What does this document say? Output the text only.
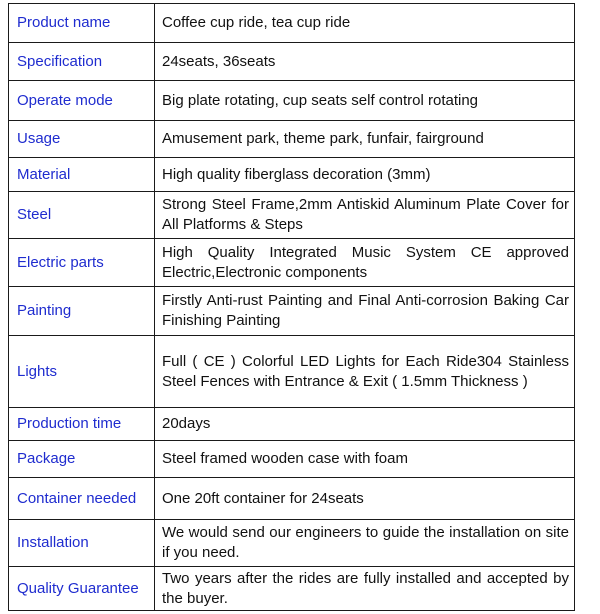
Product name	Coffee cup ride, tea cup ride
Specification	24seats, 36seats
Operate mode	Big plate rotating, cup seats self control rotating
Usage	Amusement park, theme park, funfair, fairground
Material	High quality fiberglass decoration (3mm)
Steel	Strong Steel Frame,2mm Antiskid Aluminum Plate Cover for All Platforms & Steps
Electric parts	High Quality Integrated Music System CE approved Electric,Electronic components
Painting	Firstly Anti-rust Painting and Final Anti-corrosion Baking Car Finishing Painting
Lights	Full ( CE ) Colorful LED Lights for Each Ride304 Stainless Steel Fences with Entrance & Exit ( 1.5mm Thickness )
Production time	20days
Package	Steel framed wooden case with foam
Container needed	One 20ft container for 24seats
Installation	We would send our engineers to guide the installation on site if you need.
Quality Guarantee	Two years after the rides are fully installed and accepted by the buyer.
